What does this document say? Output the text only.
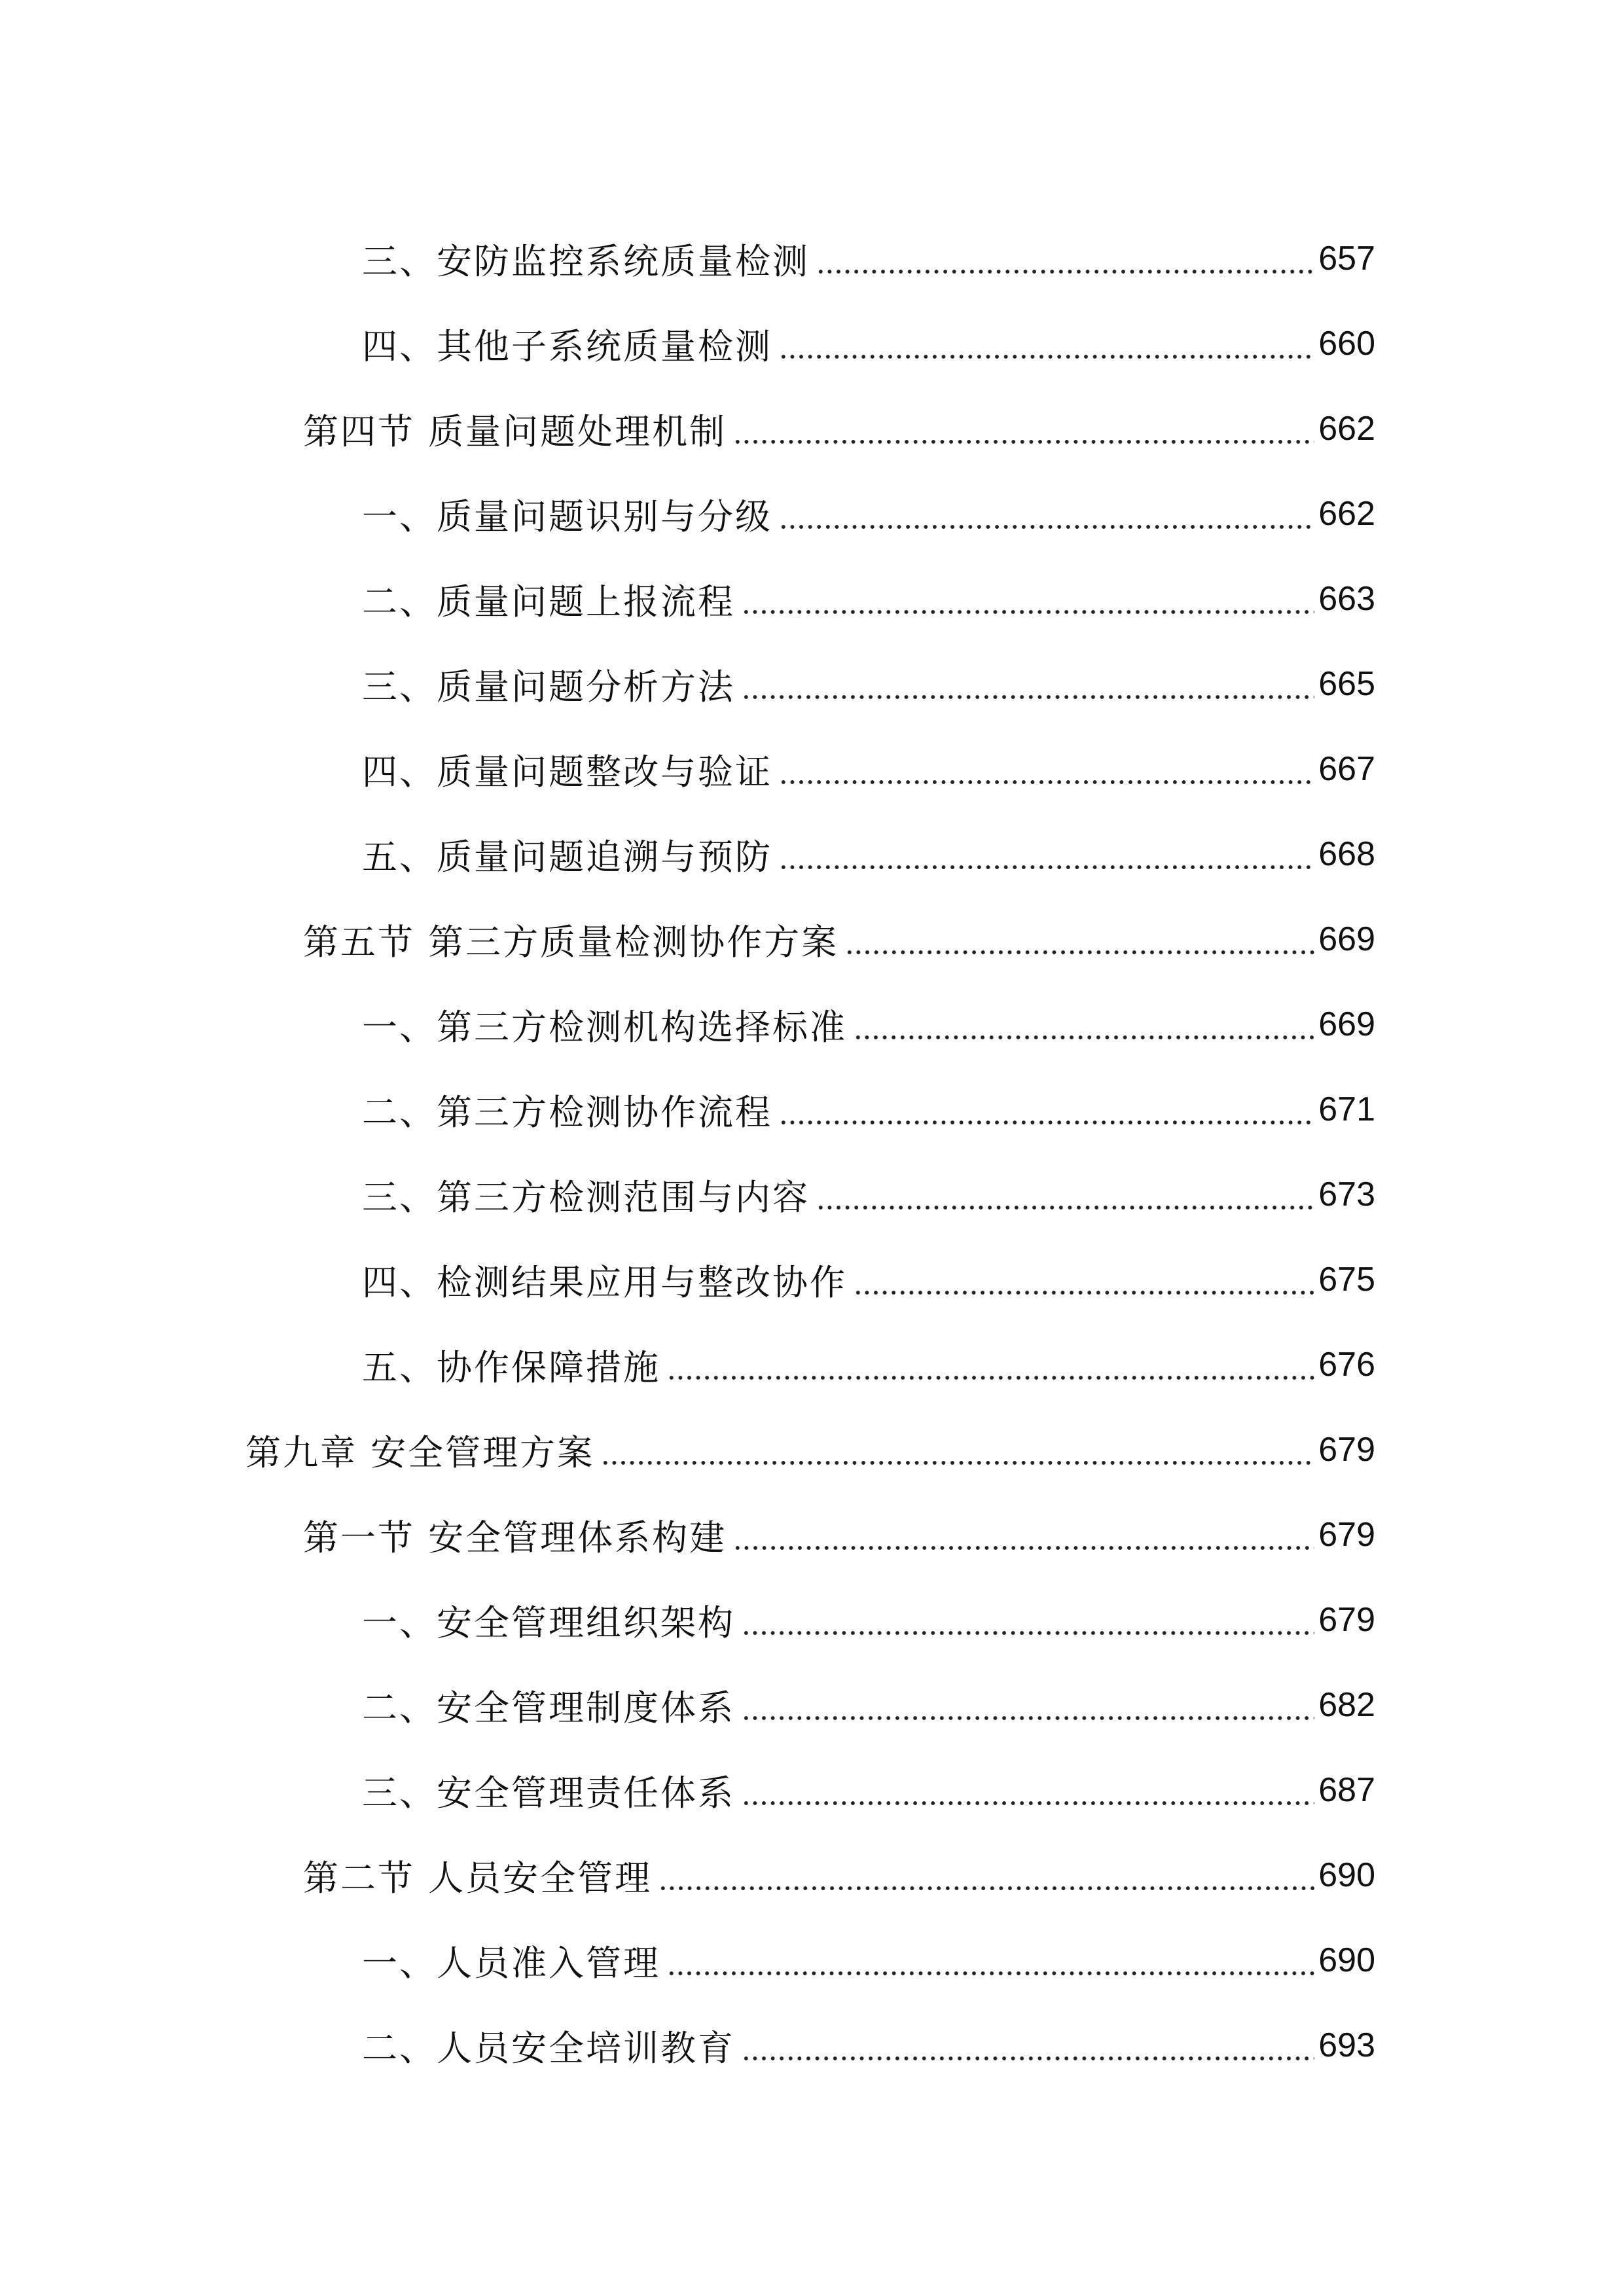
三、安防监控系统质量检测	657
四、其他子系统质量检测	660
第四节 质量问题处理机制	662
一、质量问题识别与分级	662
二、质量问题上报流程	663
三、质量问题分析方法	665
四、质量问题整改与验证	667
五、质量问题追溯与预防	668
第五节 第三方质量检测协作方案	669
一、第三方检测机构选择标准	669
二、第三方检测协作流程	671
三、第三方检测范围与内容	673
四、检测结果应用与整改协作	675
五、协作保障措施	676
第九章 安全管理方案	679
第一节 安全管理体系构建	679
一、安全管理组织架构	679
二、安全管理制度体系	682
三、安全管理责任体系	687
第二节 人员安全管理	690
一、人员准入管理	690
二、人员安全培训教育	693
